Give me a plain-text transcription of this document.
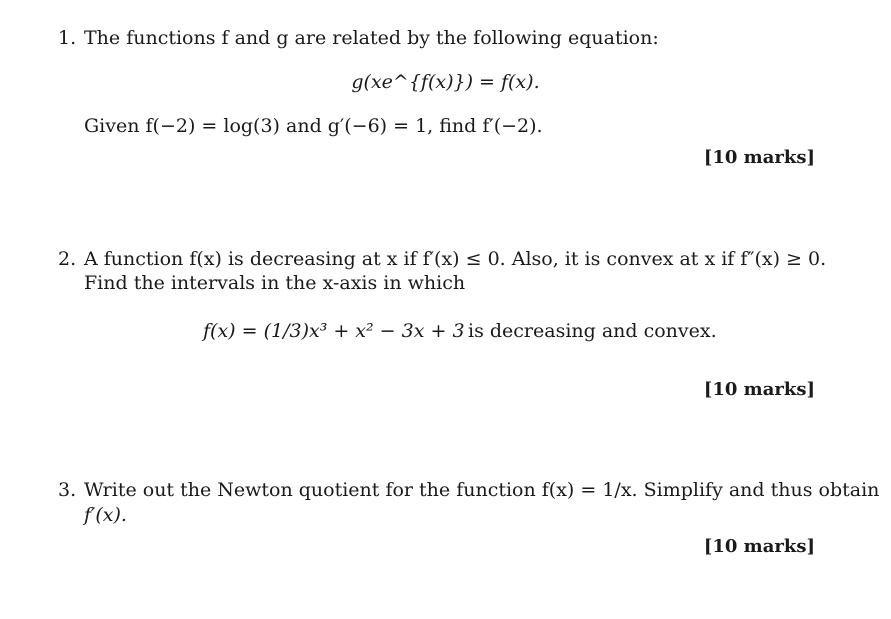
1. The functions f and g are related by the following equation:
g(xe^{f(x)}) = f(x).
Given f(−2) = log(3) and g′(−6) = 1, find f′(−2).
[10 marks]
2. A function f(x) is decreasing at x if f′(x) ≤ 0. Also, it is convex at x if f″(x) ≥ 0.
Find the intervals in the x-axis in which
f(x) = (1/3)x³ + x² − 3x + 3 is decreasing and convex.
[10 marks]
3. Write out the Newton quotient for the function f(x) = 1/x. Simplify and thus obtain
f′(x).
[10 marks]
